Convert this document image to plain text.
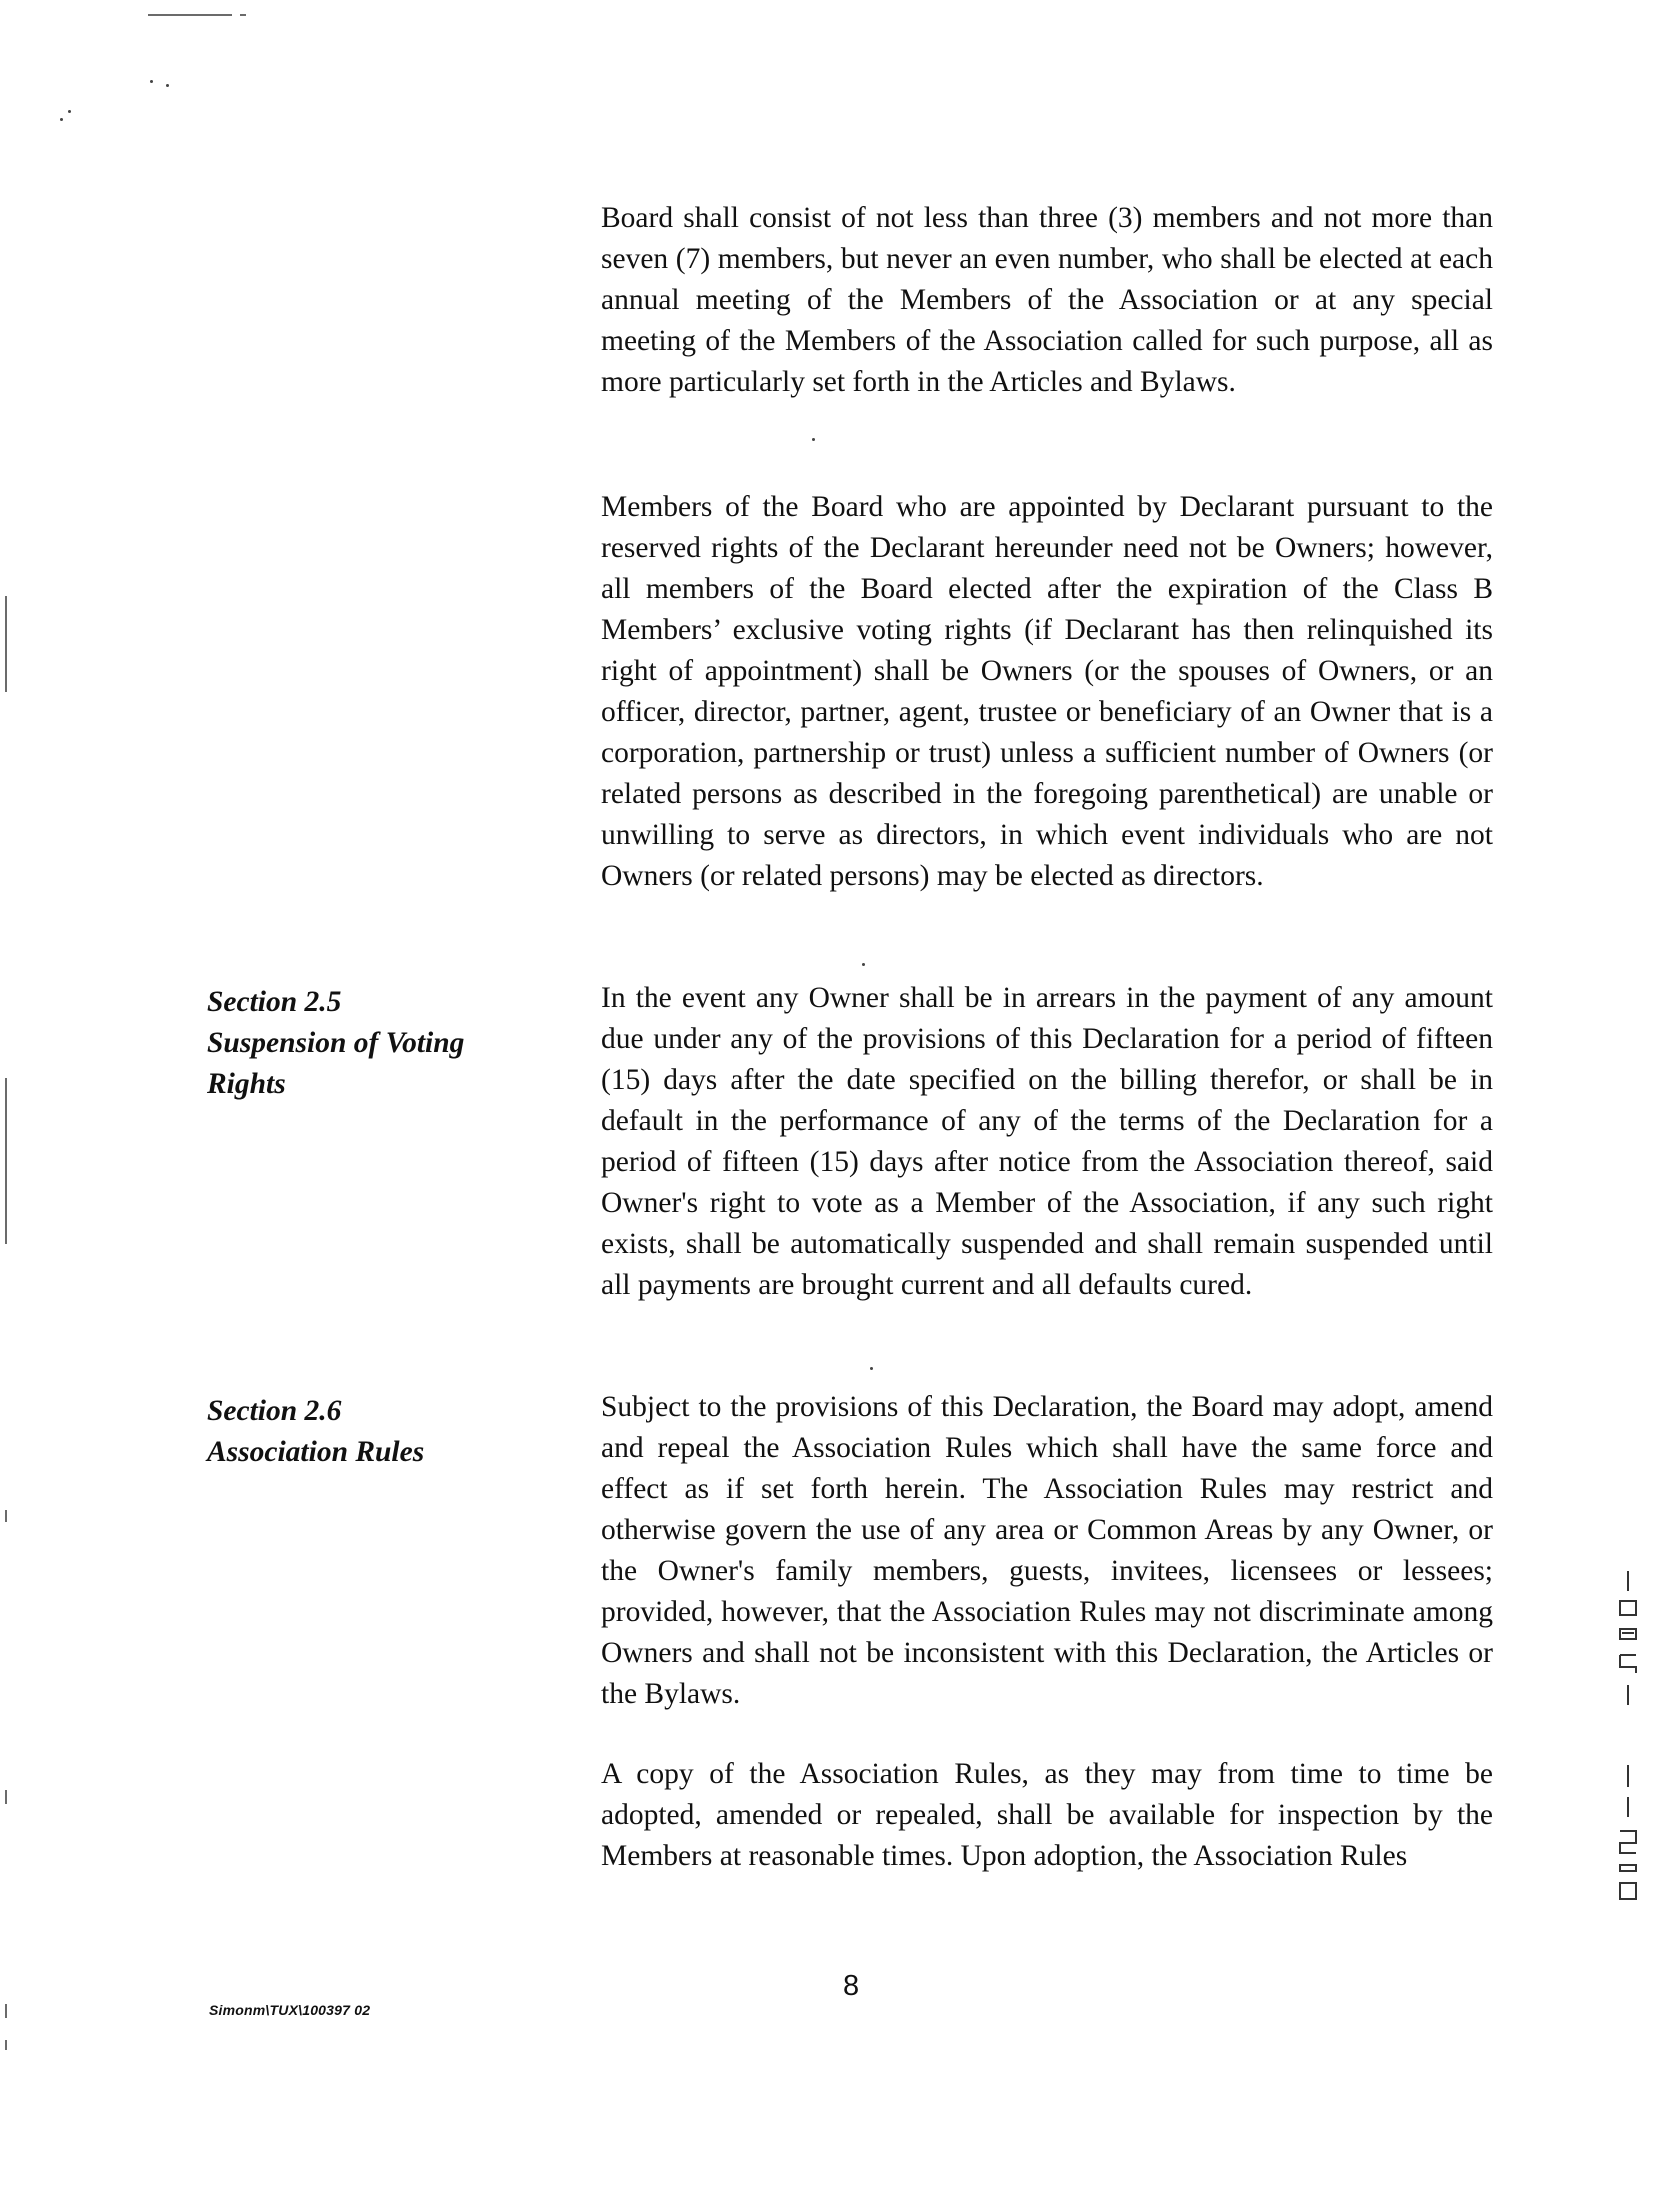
Board shall consist of not less than three (3) members and not more than seven (7) members, but never an even number, who shall be elected at each annual meeting of the Members of the Association or at any special meeting of the Members of the Association called for such purpose, all as more particularly set forth in the Articles and Bylaws.

Members of the Board who are appointed by Declarant pursuant to the reserved rights of the Declarant hereunder need not be Owners; however, all members of the Board elected after the expiration of the Class B Members’ exclusive voting rights (if Declarant has then relinquished its right of appointment) shall be Owners (or the spouses of Owners, or an officer, director, partner, agent, trustee or beneficiary of an Owner that is a corporation, partnership or trust) unless a sufficient number of Owners (or related persons as described in the foregoing parenthetical) are unable or unwilling to serve as directors, in which event individuals who are not Owners (or related persons) may be elected as directors.

Section 2.5
Suspension of Voting
Rights

In the event any Owner shall be in arrears in the payment of any amount due under any of the provisions of this Declaration for a period of fifteen (15) days after the date specified on the billing therefor, or shall be in default in the performance of any of the terms of the Declaration for a period of fifteen (15) days after notice from the Association thereof, said Owner's right to vote as a Member of the Association, if any such right exists, shall be automatically suspended and shall remain suspended until all payments are brought current and all defaults cured.

Section 2.6
Association Rules

Subject to the provisions of this Declaration, the Board may adopt, amend and repeal the Association Rules which shall have the same force and effect as if set forth herein. The Association Rules may restrict and otherwise govern the use of any area or Common Areas by any Owner, or the Owner's family members, guests, invitees, licensees or lessees; provided, however, that the Association Rules may not discriminate among Owners and shall not be inconsistent with this Declaration, the Articles or the Bylaws.

A copy of the Association Rules, as they may from time to time be adopted, amended or repealed, shall be available for inspection by the Members at reasonable times. Upon adoption, the Association Rules

Simonm\TUX\100397 02
8
